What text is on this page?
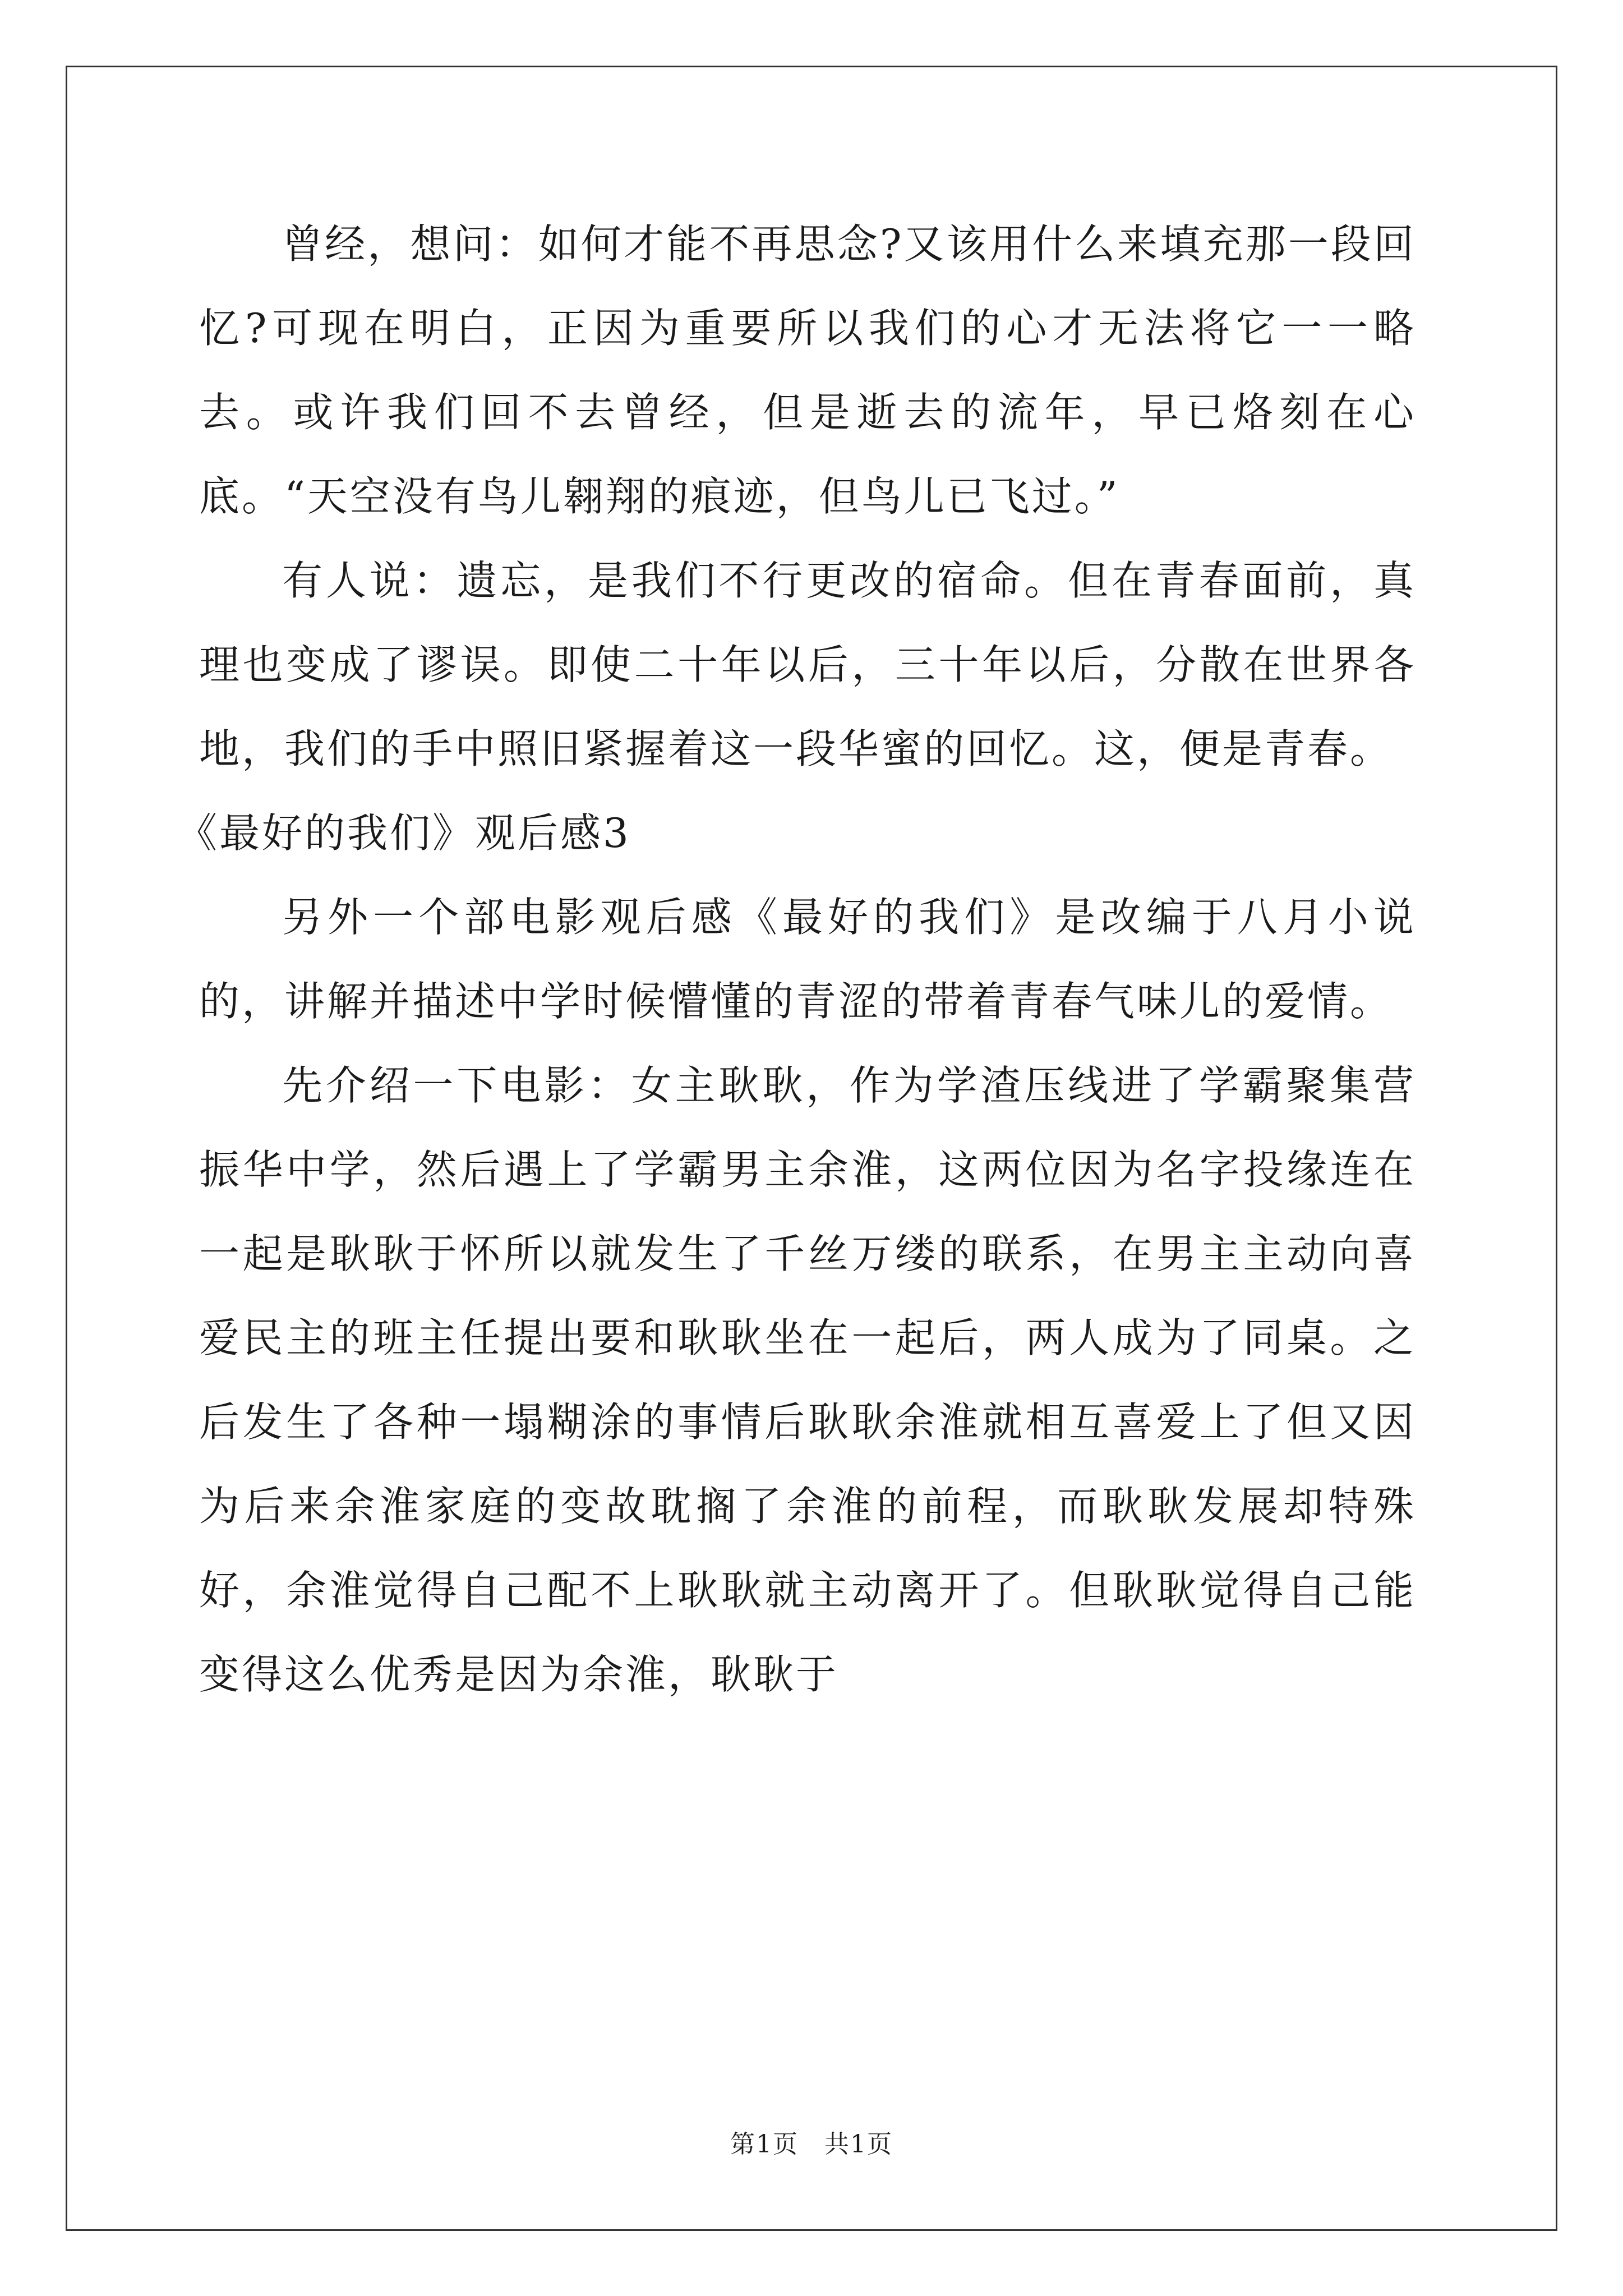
曾经，想问：如何才能不再思念?又该用什么来填充那一段回忆?可现在明白，正因为重要所以我们的心才无法将它一一略去。或许我们回不去曾经，但是逝去的流年，早已烙刻在心底。“天空没有鸟儿翱翔的痕迹，但鸟儿已飞过。”

有人说：遗忘，是我们不行更改的宿命。但在青春面前，真理也变成了谬误。即使二十年以后，三十年以后，分散在世界各地，我们的手中照旧紧握着这一段华蜜的回忆。这，便是青春。

《最好的我们》观后感3

另外一个部电影观后感《最好的我们》是改编于八月小说的，讲解并描述中学时候懵懂的青涩的带着青春气味儿的爱情。

先介绍一下电影：女主耿耿，作为学渣压线进了学霸聚集营振华中学，然后遇上了学霸男主余淮，这两位因为名字投缘连在一起是耿耿于怀所以就发生了千丝万缕的联系，在男主主动向喜爱民主的班主任提出要和耿耿坐在一起后，两人成为了同桌。之后发生了各种一塌糊涂的事情后耿耿余淮就相互喜爱上了但又因为后来余淮家庭的变故耽搁了余淮的前程，而耿耿发展却特殊好，余淮觉得自己配不上耿耿就主动离开了。但耿耿觉得自己能变得这么优秀是因为余淮，耿耿于

第1页　共1页
